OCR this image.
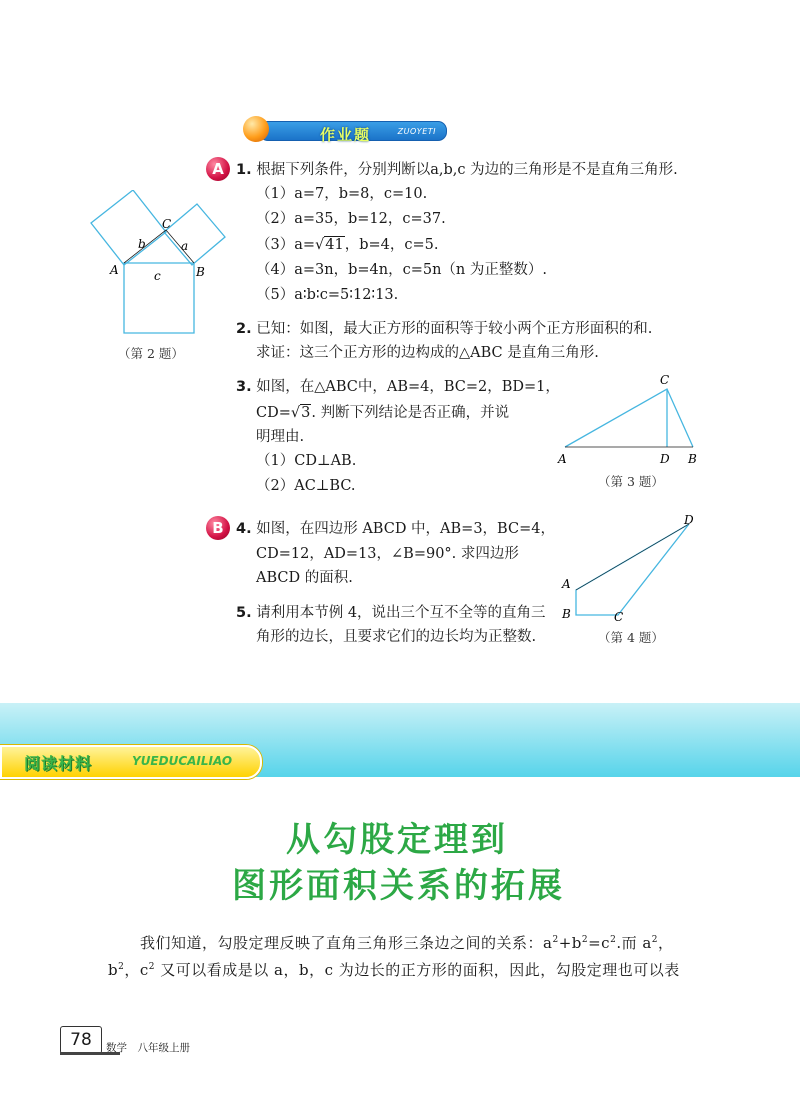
作业题	ZUOYETI
A 1. 根据下列条件，分别判断以a,b,c 为边的三角形是不是直角三角形.
（1）a=7，b=8，c=10.
（2）a=35，b=12，c=37.
（3）a=√41，b=4，c=5.
（4）a=3n，b=4n，c=5n（n 为正整数）.
（5）a∶b∶c=5∶12∶13.
A	B
C
a
b
c
（第 2 题）
2. 已知：如图，最大正方形的面积等于较小两个正方形面积的和.
求证：这三个正方形的边构成的△ABC 是直角三角形.
3. 如图，在△ABC中，AB=4，BC=2，BD=1，
CD=√3. 判断下列结论是否正确，并说
明理由.
（1）CD⊥AB.
（2）AC⊥BC.
A	D B
C
（第 3 题）
B 4. 如图，在四边形 ABCD 中，AB=3，BC=4，
CD=12，AD=13，∠B=90°. 求四边形
ABCD 的面积.
5. 请利用本节例 4，说出三个互不全等的直角三
角形的边长，且要求它们的边长均为正整数.
A
B	C
D
（第 4 题）
阅读材料	YUEDUCAILIAO
从勾股定理到
图形面积关系的拓展
我们知道，勾股定理反映了直角三角形三条边之间的关系：$a^2+b^2=c^2$.而 $a^2$，
$b^2$，$c^2$ 又可以看成是以 a，b，c 为边长的正方形的面积，因此，勾股定理也可以表
78	数学　八年级上册
